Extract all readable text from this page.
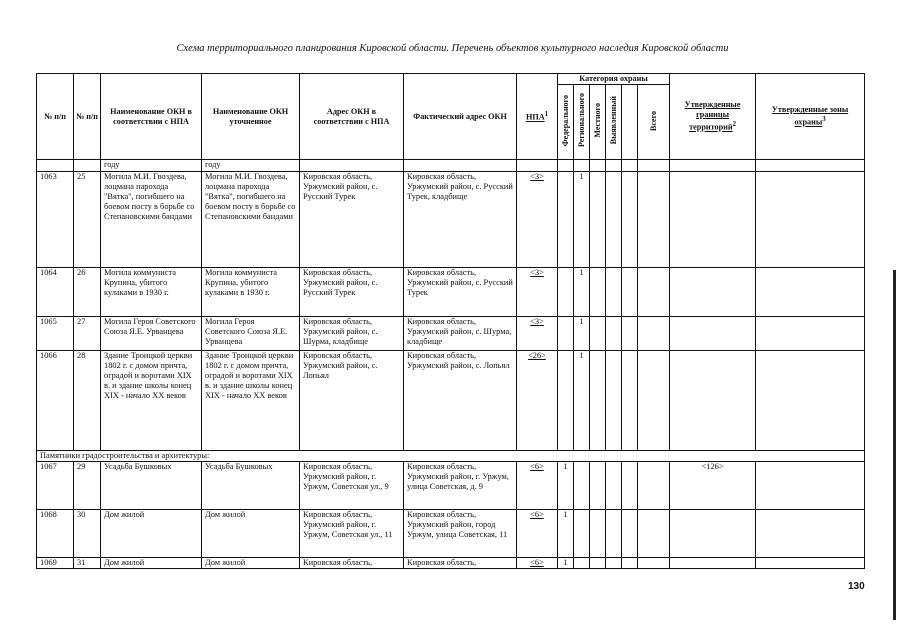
Схема территориального планирования Кировской области. Перечень объектов культурного наследия Кировской области
№ п/п	№ п/п	Наименование ОКН в соответствии с НПА	Наименование ОКН уточненное	Адрес ОКН в соответствии с НПА	Фактический адрес ОКН	НПА$^1$	Категория охраны						Утвержденные границы территорий$^2$	Утвержденные зоны охраны$^3$
							Федерального	Регионального	Местного	Выявленный		Всего		
		году	году											
1063	25	Могила М.И. Гвоздева, лоцмана парохода "Вятка", погибшего на боевом посту в борьбе со Степановскими бандами	Могила М.И. Гвоздева, лоцмана парохода "Вятка", погибшего на боевом посту в борьбе со Степановскими бандами	Кировская область, Уржумский район, с. Русский Турек	Кировская область, Уржумский район, с. Русский Турек, кладбище	<3>		1						
1064	26	Могила коммуниста Крупина, убитого кулаками в 1930 г.	Могила коммуниста Крупина, убитого кулаками в 1930 г.	Кировская область, Уржумский район, с. Русский Турек	Кировская область, Уржумский район, с. Русский Турек	<3>		1						
1065	27	Могила Героя Советского Союза Я.Е. Урванцева	Могила Героя Советского Союза Я.Е. Урванцева	Кировская область, Уржумский район, с. Шурма, кладбище	Кировская область, Уржумский район, с. Шурма, кладбище	<3>		1						
1066	28	Здание Троицкой церкви 1802 г. с домом причта, оградой и воротами XIX в. и здание школы конец XIX - начало XX веков	Здание Троицкой церкви 1802 г. с домом причта, оградой и воротами XIX в. и здание школы конец XIX - начало XX веков	Кировская область, Уржумский район, с. Лопьял	Кировская область, Уржумский район, с. Лопьял	<26>		1						
Памятники градостроительства и архитектуры:														
1067	29	Усадьба Бушковых	Усадьба Бушковых	Кировская область, Уржумский район, г. Уржум, Советская ул., 9	Кировская область, Уржумский район, г. Уржум, улица Советская, д. 9	<6>	1						<126>	
1068	30	Дом жилой	Дом жилой	Кировская область, Уржумский район, г. Уржум, Советская ул., 11	Кировская область, Уржумский район, город Уржум, улица Советская, 11	<6>	1							
1069	31	Дом жилой	Дом жилой	Кировская область,	Кировская область,	<6>	1							
130
